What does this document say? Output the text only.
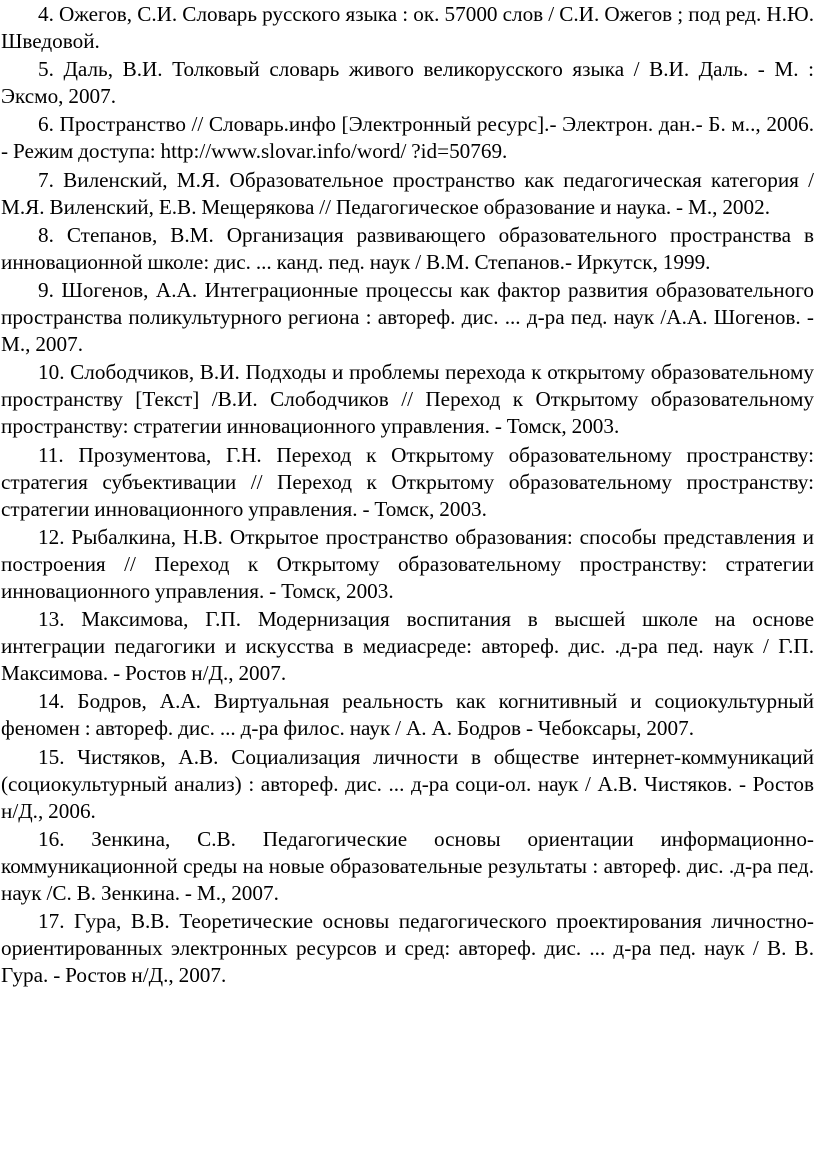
4. Ожегов, С.И. Словарь русского языка : ок. 57000 слов / С.И. Ожегов ; под ред. Н.Ю. Шведовой.

5. Даль, В.И. Толковый словарь живого великорусского языка / В.И. Даль. - М. : Эксмо, 2007.

6. Пространство // Словарь.инфо [Электронный ресурс].- Электрон. дан.- Б. м.., 2006. - Режим доступа: http://www.slovar.info/word/ ?id=50769.

7. Виленский, М.Я. Образовательное пространство как педагогическая категория / М.Я. Виленский, Е.В. Мещерякова // Педагогическое образование и наука. - М., 2002.

8. Степанов, В.М. Организация развивающего образовательного пространства в инновационной школе: дис. ... канд. пед. наук / В.М. Степанов.- Иркутск, 1999.

9. Шогенов, А.А. Интеграционные процессы как фактор развития образовательного пространства поликультурного региона : автореф. дис. ... д-ра пед. наук /А.А. Шогенов. - М., 2007.

10. Слободчиков, В.И. Подходы и проблемы перехода к открытому образовательному пространству [Текст] /В.И. Слободчиков // Переход к Открытому образовательному пространству: стратегии инновационного управления. - Томск, 2003.

11. Прозументова, Г.Н. Переход к Открытому образовательному пространству: стратегия субъективации // Переход к Открытому образовательному пространству: стратегии инновационного управления. - Томск, 2003.

12. Рыбалкина, Н.В. Открытое пространство образования: способы представления и построения // Переход к Открытому образовательному пространству: стратегии инновационного управления. - Томск, 2003.

13. Максимова, Г.П. Модернизация воспитания в высшей школе на основе интеграции педагогики и искусства в медиасреде: автореф. дис. .д-ра пед. наук / Г.П. Максимова. - Ростов н/Д., 2007.

14. Бодров, А.А. Виртуальная реальность как когнитивный и социокультурный феномен : автореф. дис. ... д-ра филос. наук / А. А. Бодров - Чебоксары, 2007.

15. Чистяков, А.В. Социализация личности в обществе интернет-коммуникаций (социокультурный анализ) : автореф. дис. ... д-ра соци-ол. наук / А.В. Чистяков. - Ростов н/Д., 2006.

16. Зенкина, С.В. Педагогические основы ориентации информационно-коммуникационной среды на новые образовательные результаты : автореф. дис. .д-ра пед. наук /С. В. Зенкина. - М., 2007.

17. Гура, В.В. Теоретические основы педагогического проектирования личностно-ориентированных электронных ресурсов и сред: автореф. дис. ... д-ра пед. наук / В. В. Гура. - Ростов н/Д., 2007.
